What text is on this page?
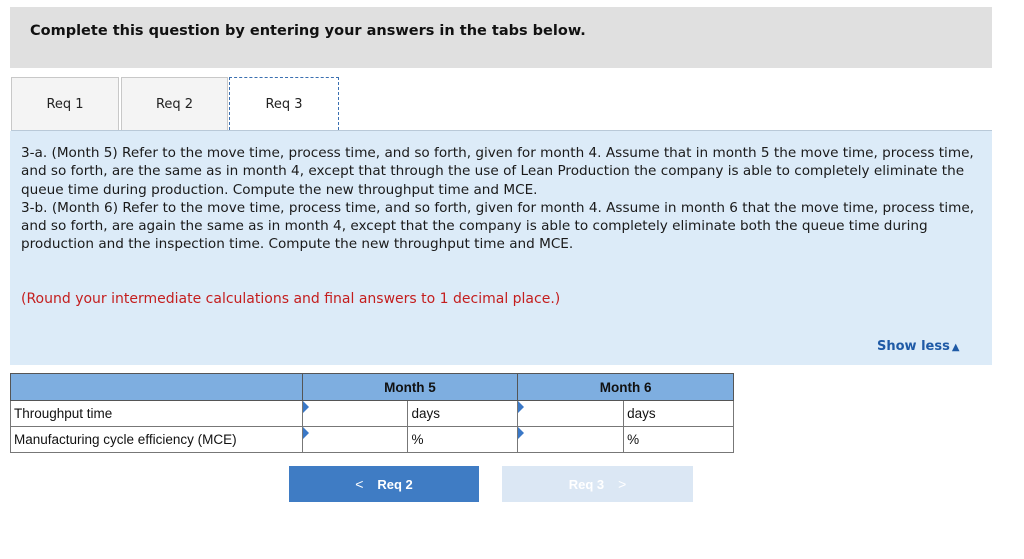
Complete this question by entering your answers in the tabs below.
Req 1	Req 2	Req 3

3-a. (Month 5) Refer to the move time, process time, and so forth, given for month 4. Assume that in month 5 the move time, process time, and so forth, are the same as in month 4, except that through the use of Lean Production the company is able to completely eliminate the queue time during production. Compute the new throughput time and MCE.

3-b. (Month 6) Refer to the move time, process time, and so forth, given for month 4. Assume in month 6 that the move time, process time, and so forth, are again the same as in month 4, except that the company is able to completely eliminate both the queue time during production and the inspection time. Compute the new throughput time and MCE.

(Round your intermediate calculations and final answers to 1 decimal place.)
Show less ▲
	Month 5		Month 6	
Throughput time		days		days
Manufacturing cycle efficiency (MCE)		%		%
< Req 2	Req 3 >
